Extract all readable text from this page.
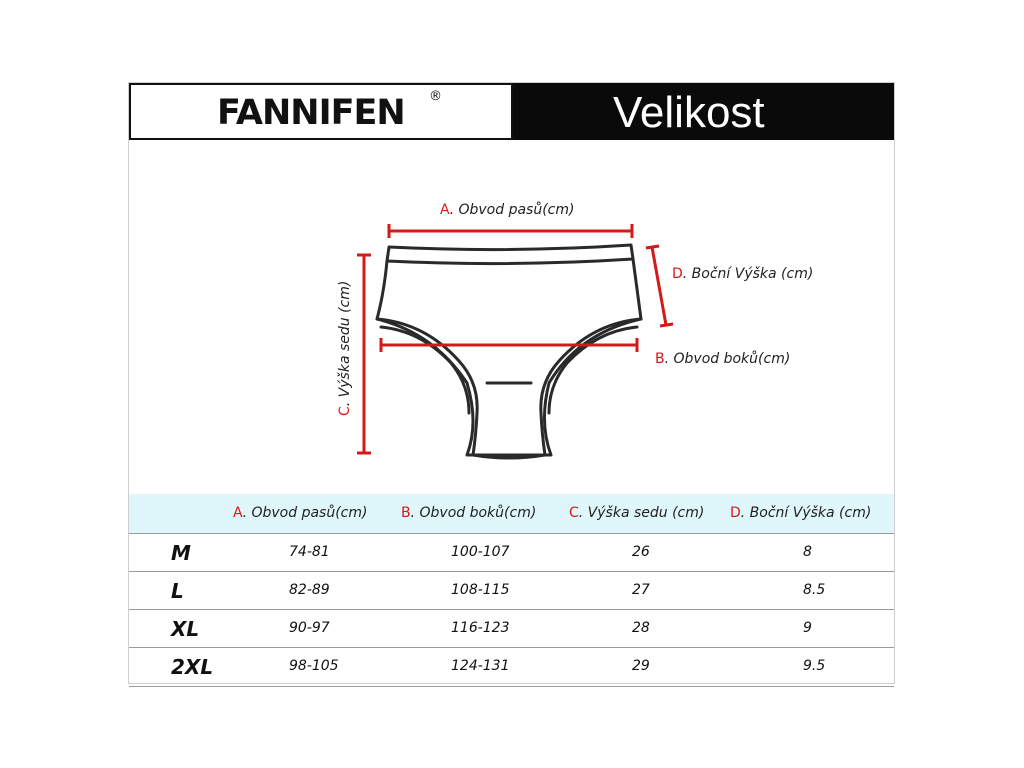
FANNIFEN ®	Velikost
A. Obvod pasů(cm)
D. Boční Výška (cm)
B. Obvod boků(cm)
C. Výška sedu (cm)
A. Obvod pasů(cm) B. Obvod boků(cm) C. Výška sedu (cm) D. Boční Výška (cm)
M	74-81	100-107	26	8
L	82-89	108-115	27	8.5
XL	90-97	116-123	28	9
2XL	98-105	124-131	29	9.5
